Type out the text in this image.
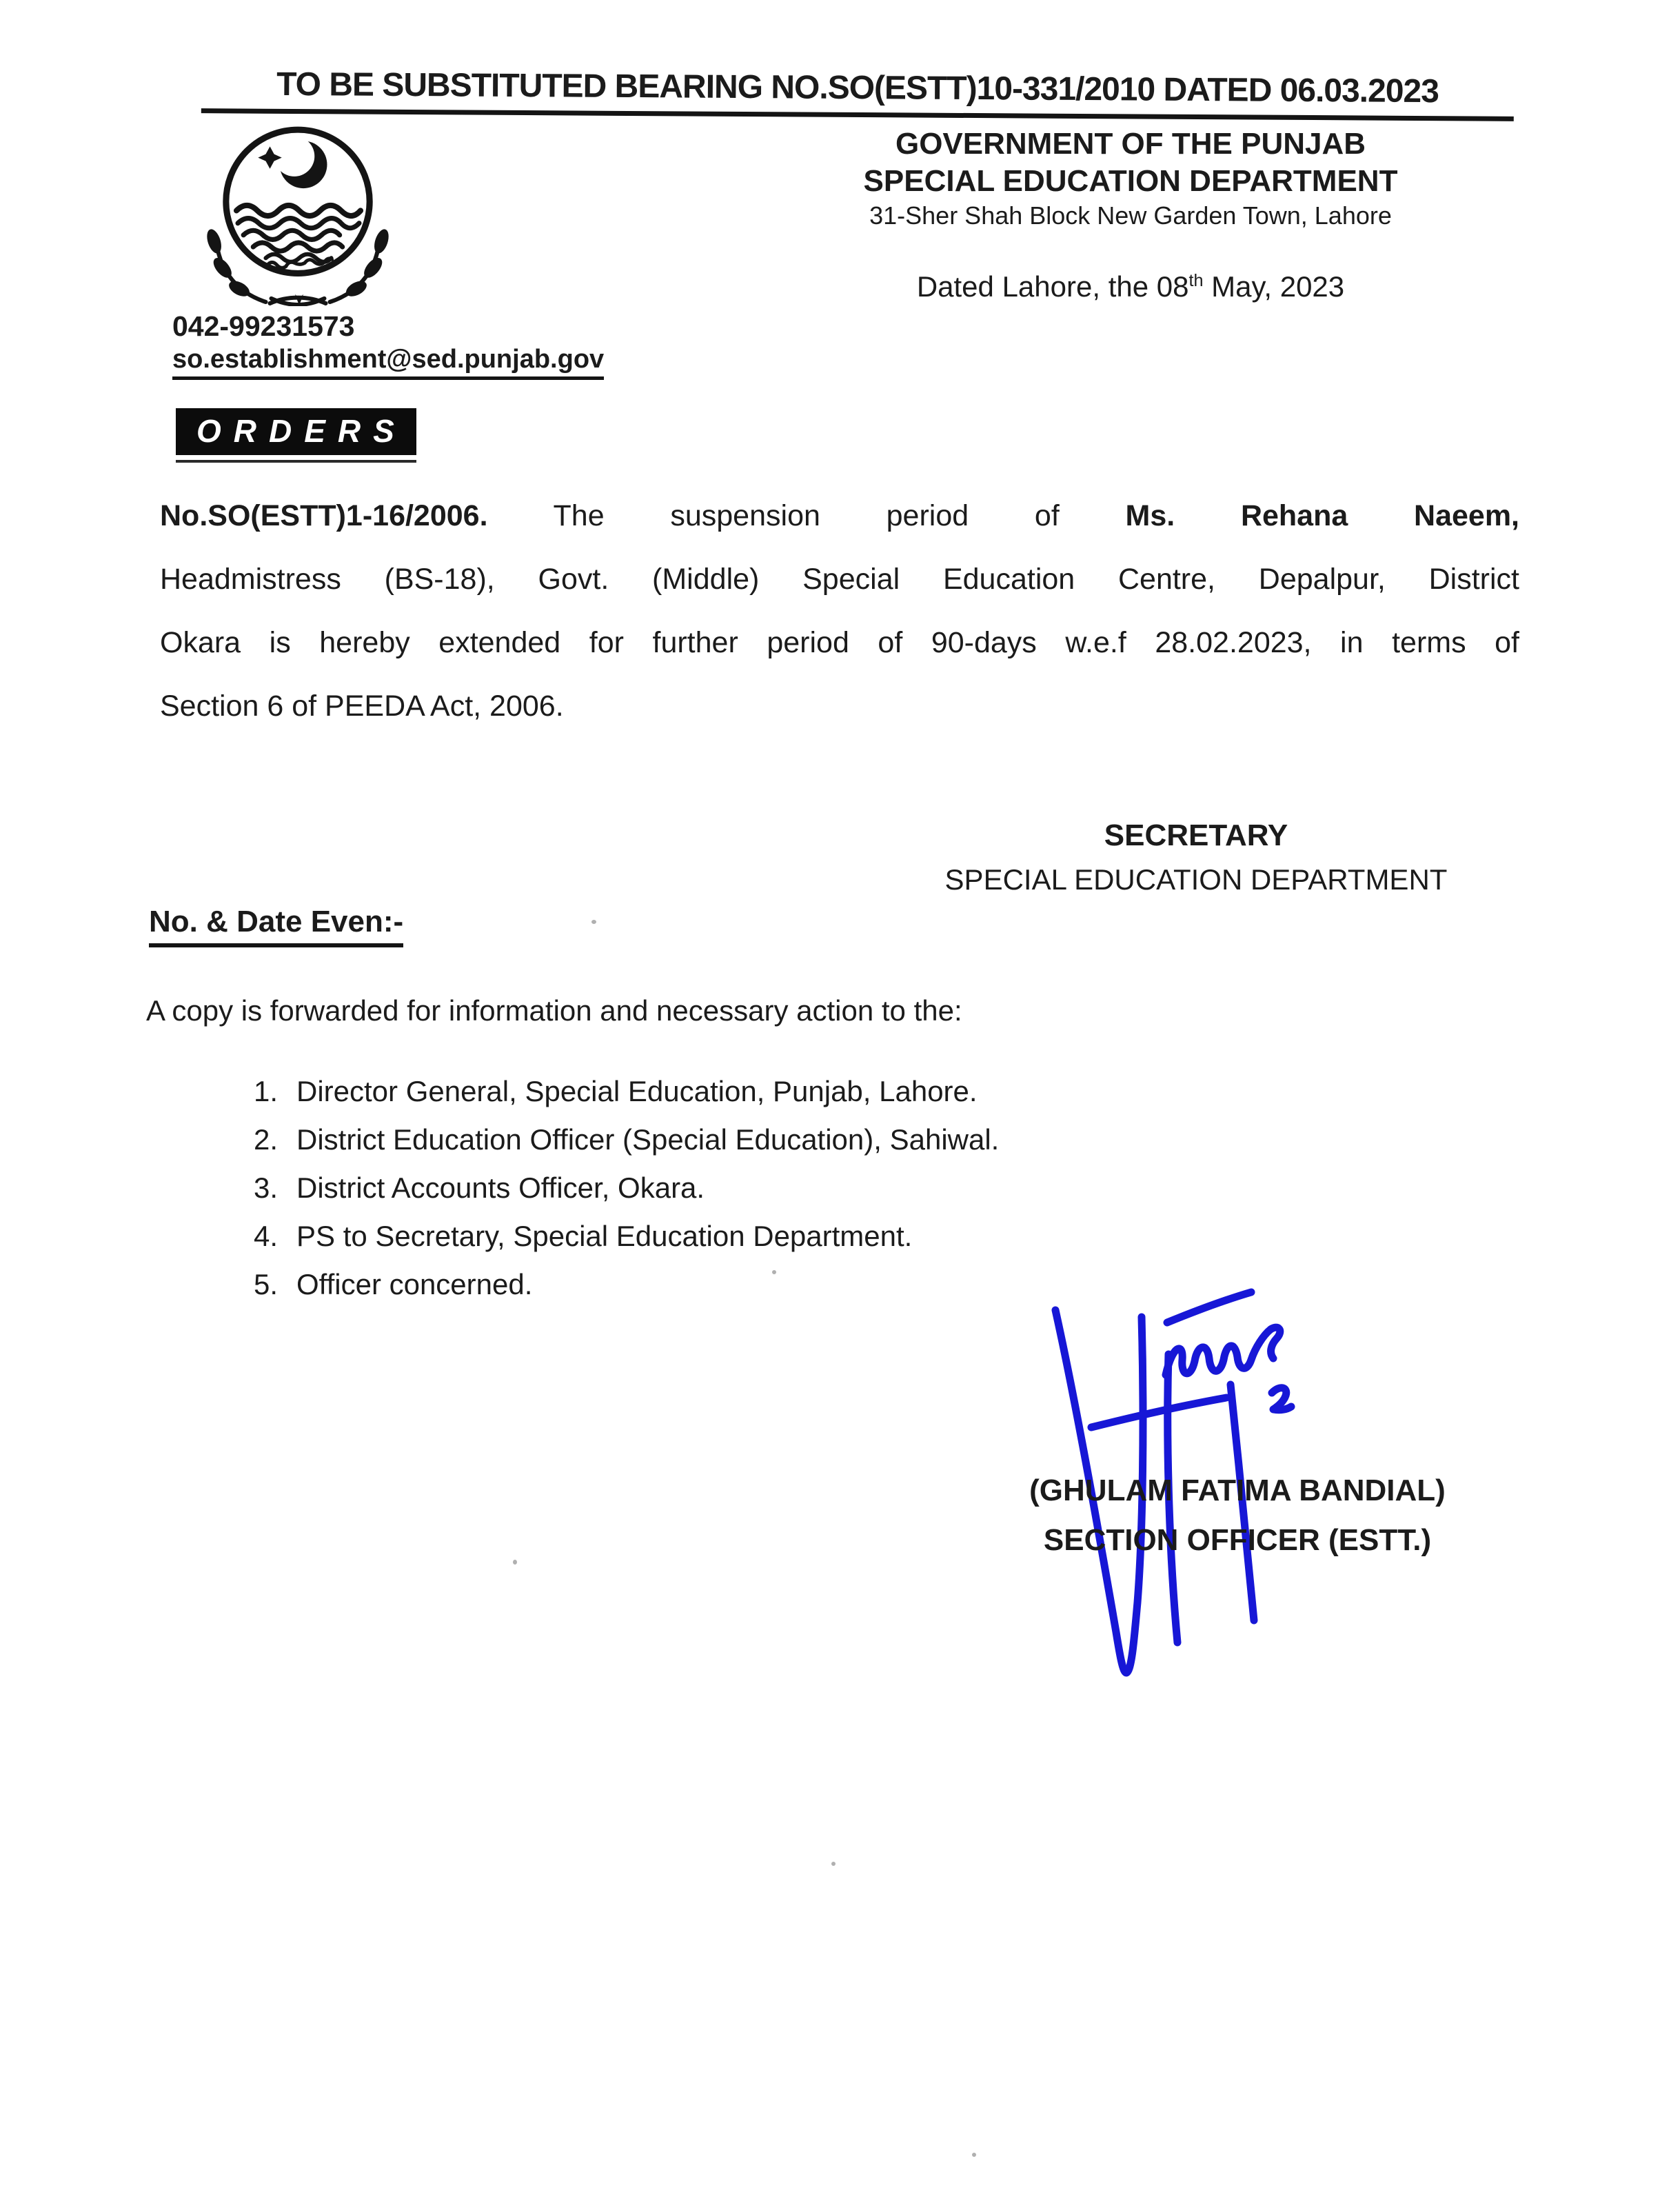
TO BE SUBSTITUTED BEARING NO.SO(ESTT)10-331/2010 DATED 06.03.2023
GOVERNMENT OF THE PUNJAB
SPECIAL EDUCATION DEPARTMENT
31-Sher Shah Block New Garden Town, Lahore
Dated Lahore, the 08th May, 2023
042-99231573
so.establishment@sed.punjab.gov
ORDERS
No.SO(ESTT)1-16/2006. The suspension period of Ms. Rehana Naeem,
Headmistress (BS-18), Govt. (Middle) Special Education Centre, Depalpur, District
Okara is hereby extended for further period of 90-days w.e.f 28.02.2023, in terms of
Section 6 of PEEDA Act, 2006.
SECRETARY
SPECIAL EDUCATION DEPARTMENT
No. & Date Even:-
A copy is forwarded for information and necessary action to the:
1. Director General, Special Education, Punjab, Lahore.
2. District Education Officer (Special Education), Sahiwal.
3. District Accounts Officer, Okara.
4. PS to Secretary, Special Education Department.
5. Officer concerned.
(GHULAM FATIMA BANDIAL)
SECTION OFFICER (ESTT.)
